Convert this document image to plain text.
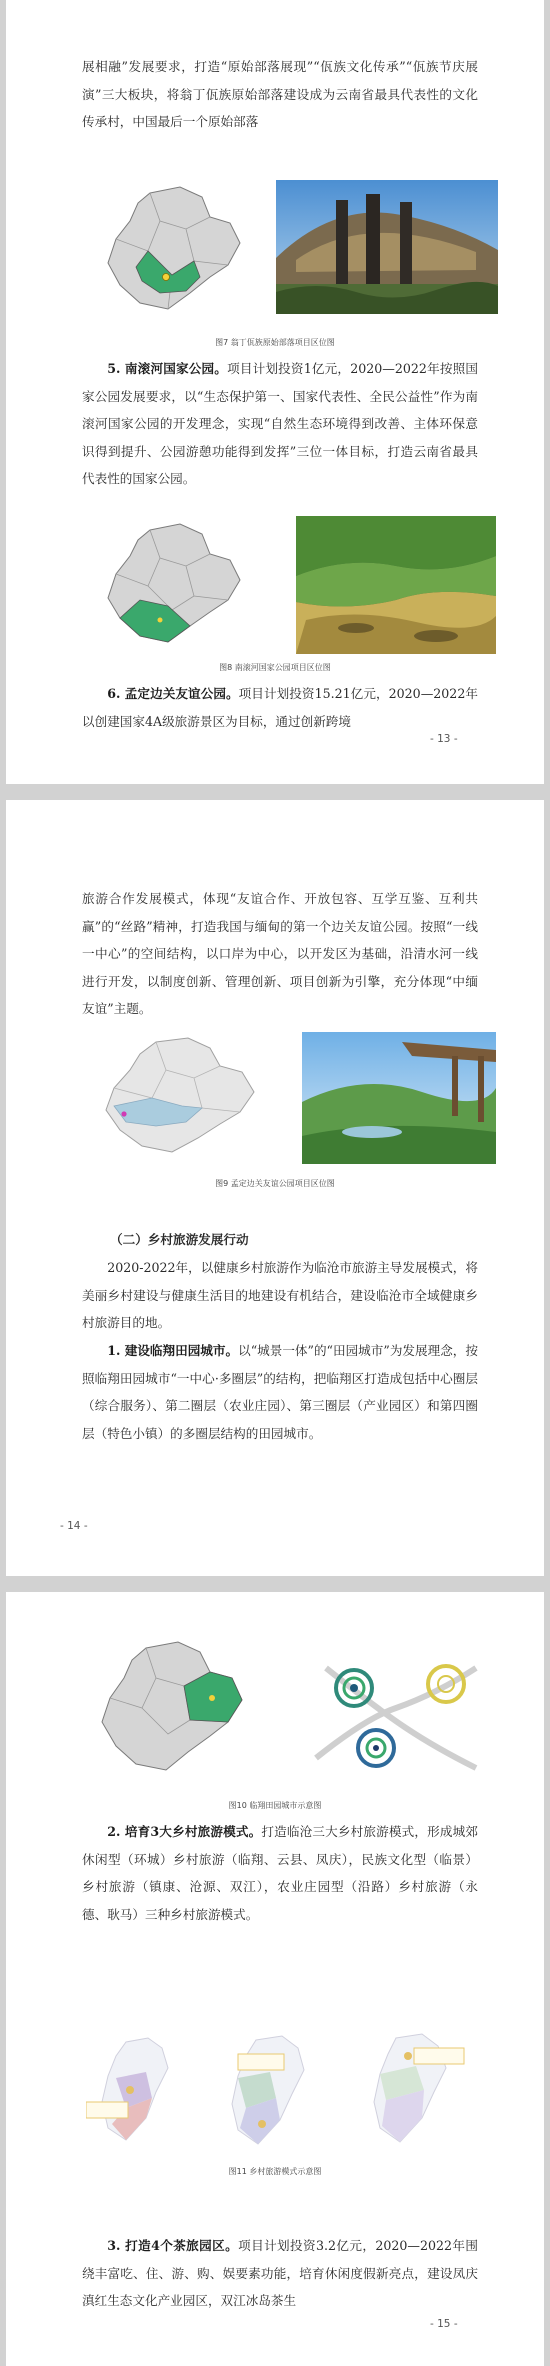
展相融”发展要求，打造“原始部落展现”“佤族文化传承”“佤族节庆展演”三大板块，将翁丁佤族原始部落建设成为云南省最具代表性的文化传承村，中国最后一个原始部落

图7 翁丁佤族原始部落项目区位图

5. 南滚河国家公园。项目计划投资1亿元，2020—2022年按照国家公园发展要求，以“生态保护第一、国家代表性、全民公益性”作为南滚河国家公园的开发理念，实现“自然生态环境得到改善、主体环保意识得到提升、公园游憩功能得到发挥”三位一体目标，打造云南省最具代表性的国家公园。

图8 南滚河国家公园项目区位图

6. 孟定边关友谊公园。项目计划投资15.21亿元，2020—2022年以创建国家4A级旅游景区为目标，通过创新跨境

- 13 -

旅游合作发展模式，体现“友谊合作、开放包容、互学互鉴、互利共赢”的“丝路”精神，打造我国与缅甸的第一个边关友谊公园。按照“一线一中心”的空间结构，以口岸为中心，以开发区为基础，沿清水河一线进行开发，以制度创新、管理创新、项目创新为引擎，充分体现“中缅友谊”主题。

图9 孟定边关友谊公园项目区位图
（二）乡村旅游发展行动

2020-2022年，以健康乡村旅游作为临沧市旅游主导发展模式，将美丽乡村建设与健康生活目的地建设有机结合，建设临沧市全域健康乡村旅游目的地。

1. 建设临翔田园城市。以“城景一体”的“田园城市”为发展理念，按照临翔田园城市“一中心·多圈层”的结构，把临翔区打造成包括中心圈层（综合服务）、第二圈层（农业庄园）、第三圈层（产业园区）和第四圈层（特色小镇）的多圈层结构的田园城市。

- 14 -
图10 临翔田园城市示意图

2. 培育3大乡村旅游模式。打造临沧三大乡村旅游模式，形成城郊休闲型（环城）乡村旅游（临翔、云县、凤庆），民族文化型（临景）乡村旅游（镇康、沧源、双江），农业庄园型（沿路）乡村旅游（永德、耿马）三种乡村旅游模式。

图11 乡村旅游模式示意图

3. 打造4个茶旅园区。项目计划投资3.2亿元，2020—2022年围绕丰富吃、住、游、购、娱要素功能，培育休闲度假新亮点，建设凤庆滇红生态文化产业园区，双江冰岛茶生

- 15 -
